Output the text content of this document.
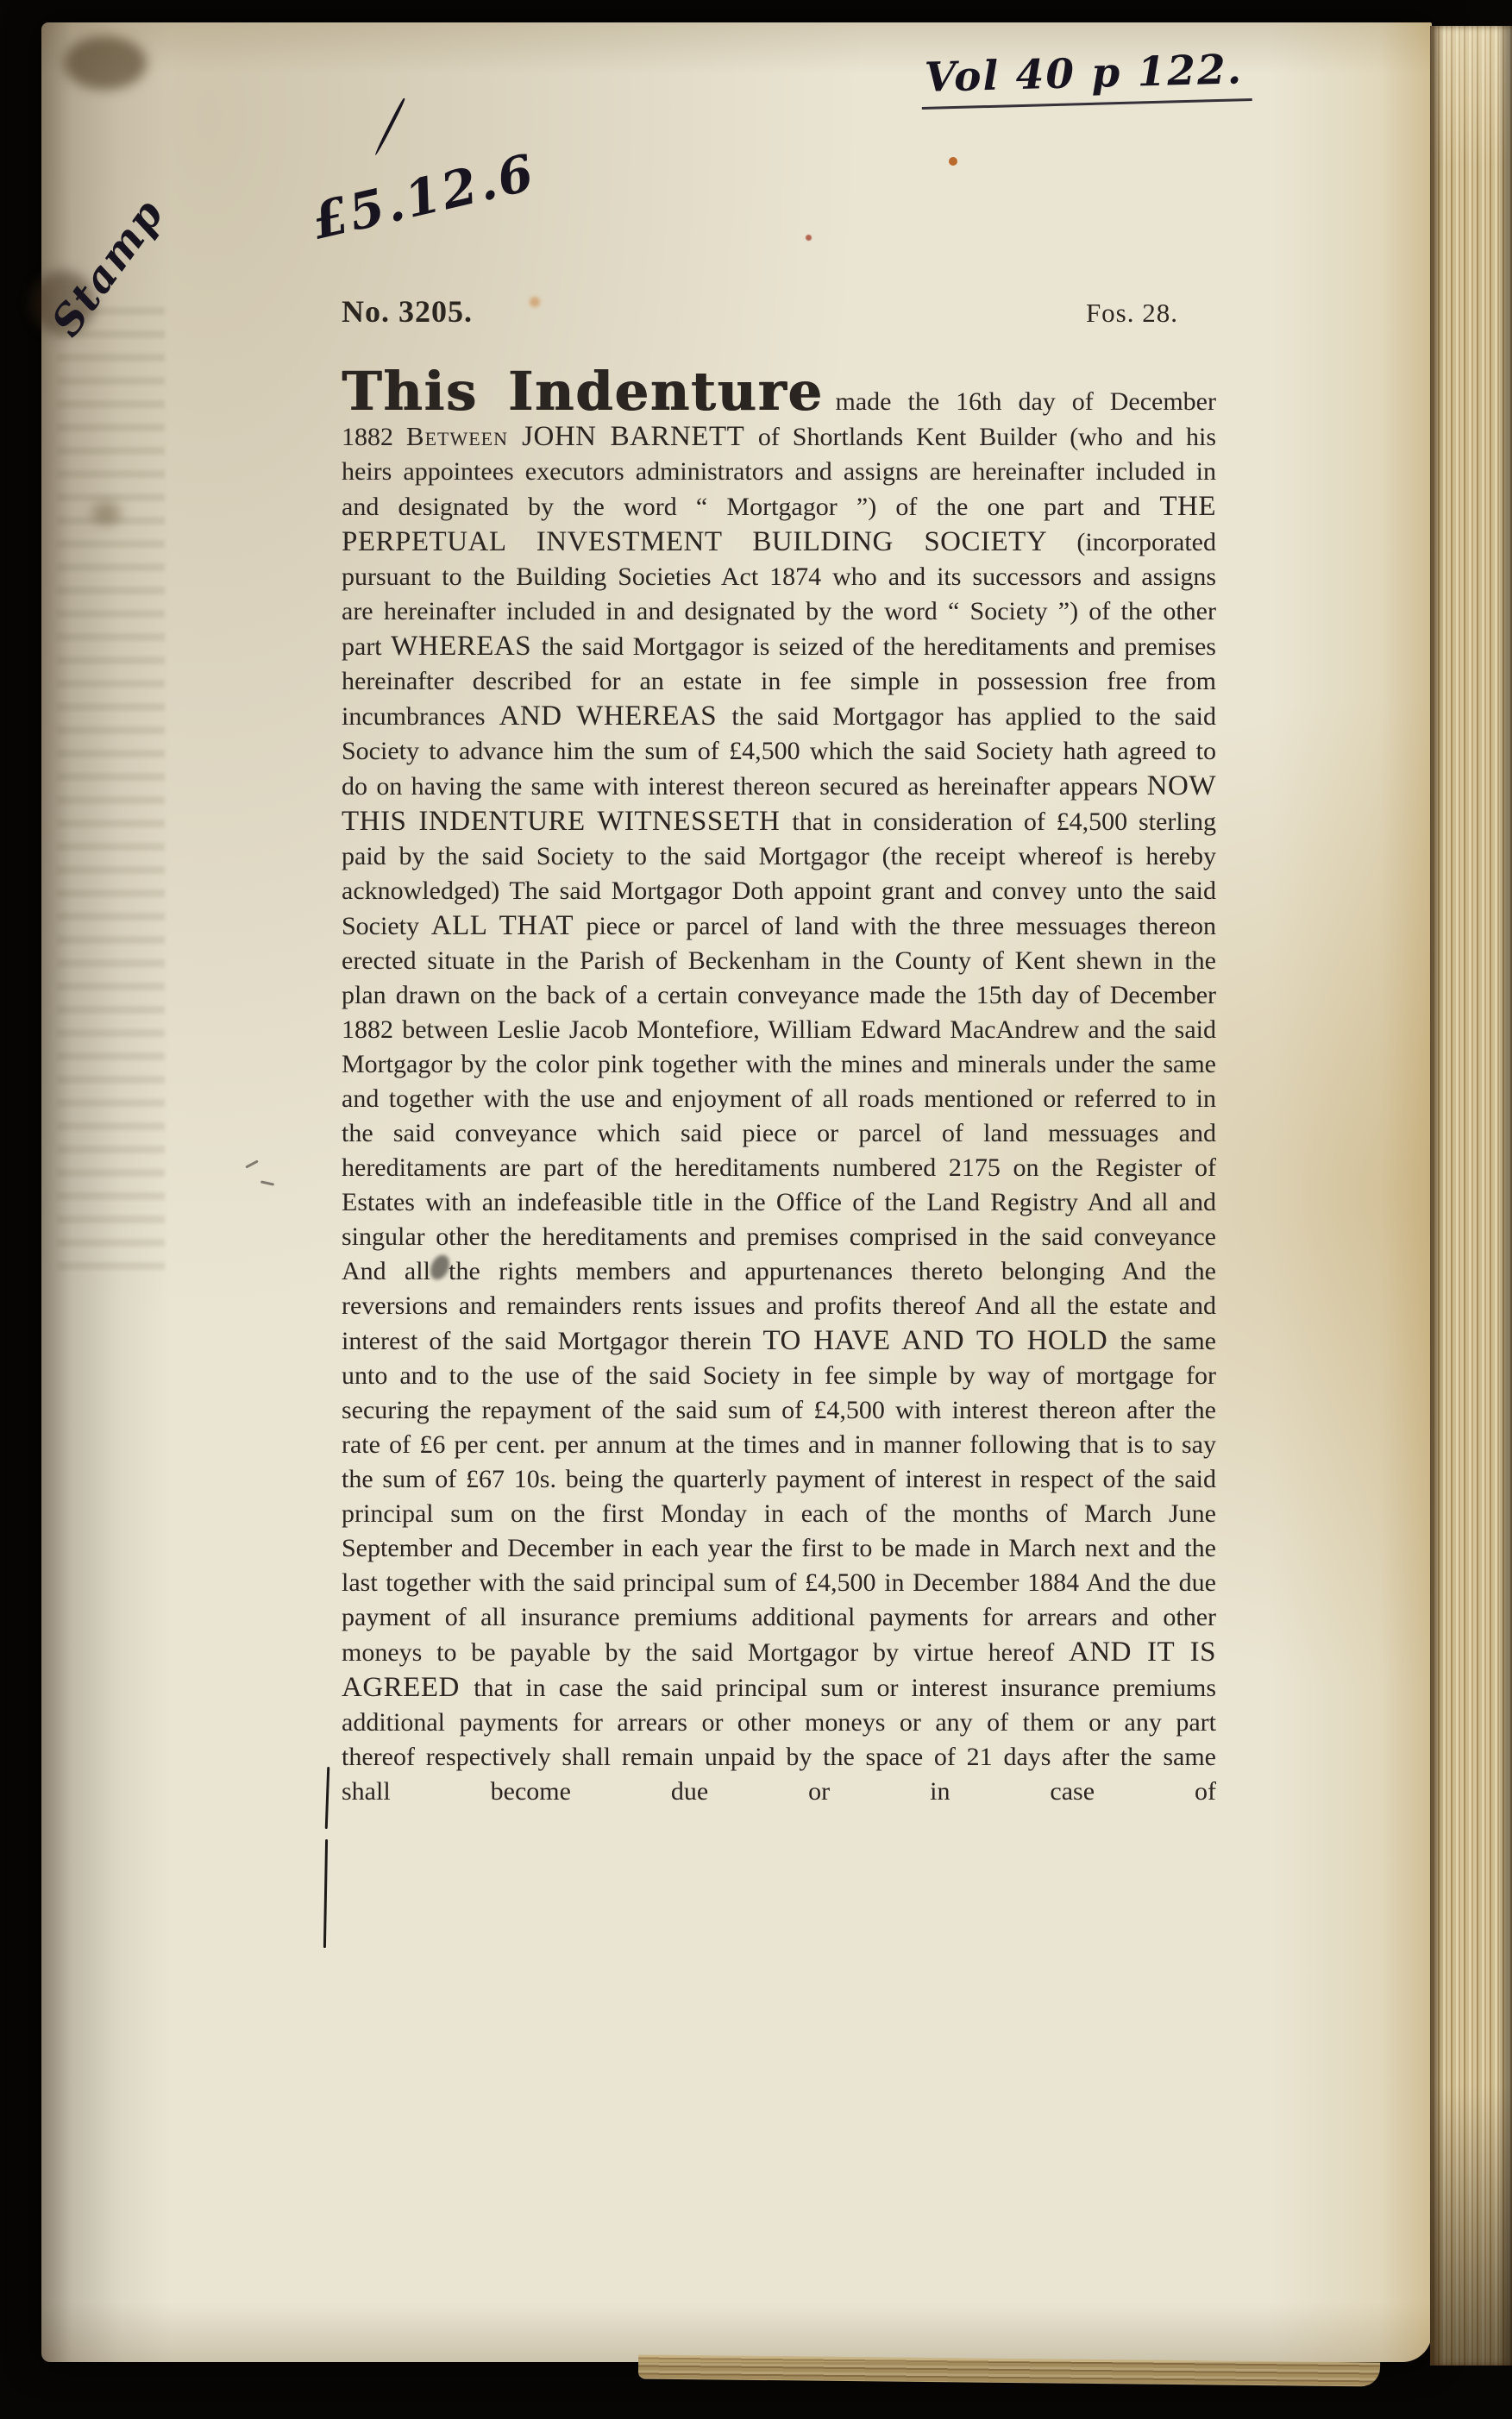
Vol 40 p 122.
£5.12.6
Stamp	No. 3205.	Fos. 28.

This Indenture made the 16th day of December 1882 Between JOHN BARNETT of Shortlands Kent Builder (who and his heirs appointees executors administrators and assigns are hereinafter included in and designated by the word “ Mortgagor ”) of the one part and THE PERPETUAL INVESTMENT BUILDING SOCIETY (incorporated pursuant to the Building Societies Act 1874 who and its successors and assigns are hereinafter included in and designated by the word “ Society ”) of the other part WHEREAS the said Mortgagor is seized of the hereditaments and premises hereinafter described for an estate in fee simple in possession free from incumbrances AND WHEREAS the said Mortgagor has applied to the said Society to advance him the sum of £4,500 which the said Society hath agreed to do on having the same with interest thereon secured as hereinafter appears NOW THIS INDENTURE WITNESSETH that in consideration of £4,500 sterling paid by the said Society to the said Mortgagor (the receipt whereof is hereby acknowledged) The said Mortgagor Doth appoint grant and convey unto the said Society ALL THAT piece or parcel of land with the three messuages thereon erected situate in the Parish of Beckenham in the County of Kent shewn in the plan drawn on the back of a certain conveyance made the 15th day of December 1882 between Leslie Jacob Montefiore, William Edward MacAndrew and the said Mortgagor by the color pink together with the mines and minerals under the same and together with the use and enjoyment of all roads mentioned or referred to in the said conveyance which said piece or parcel of land messuages and hereditaments are part of the hereditaments numbered 2175 on the Register of Estates with an indefeasible title in the Office of the Land Registry And all and singular other the hereditaments and premises comprised in the said conveyance And all the rights members and appurtenances thereto belonging And the reversions and remainders rents issues and profits thereof And all the estate and interest of the said Mortgagor therein TO HAVE AND TO HOLD the same unto and to the use of the said Society in fee simple by way of mortgage for securing the repayment of the said sum of £4,500 with interest thereon after the rate of £6 per cent. per annum at the times and in manner following that is to say the sum of £67 10s. being the quarterly payment of interest in respect of the said principal sum on the first Monday in each of the months of March June September and December in each year the first to be made in March next and the last together with the said principal sum of £4,500 in December 1884 And the due payment of all insurance premiums additional payments for arrears and other moneys to be payable by the said Mortgagor by virtue hereof AND IT IS AGREED that in case the said principal sum or interest insurance premiums additional payments for arrears or other moneys or any of them or any part thereof respectively shall remain unpaid by the space of 21 days after the same shall become due or in case of
